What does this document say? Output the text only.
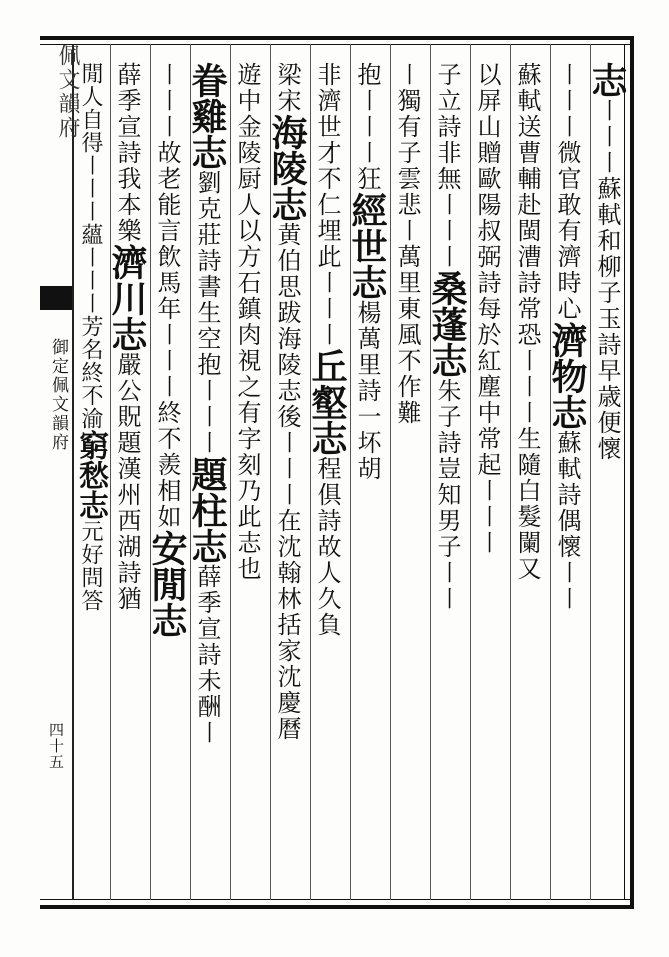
佩文韻府
御定佩文韻府
四十五
志〡〡〡蘇軾和柳子玉詩早歳便懷
〡〡〡微官敢有濟時心濟物志蘇軾詩偶懷〡〡
蘇軾送曹輔赴閩漕詩常恐〡〡〡生隨白髮闌又
以屏山贈歐陽叔弼詩每於紅塵中常起〡〡〡
子立詩非無〡〡〡桑蓬志朱子詩豈知男子〡〡
〡獨有子雲悲〡萬里東風不作難
抱〡〡〡狂經世志楊萬里詩一坏胡
非濟世才不仁埋此〡〡〡丘壑志程俱詩故人久負
梁宋海陵志黄伯思跋海陵志後〡〡〡在沈翰林括家沈慶曆
遊中金陵厨人以方石鎮肉視之有字刻乃此志也
眷雞志劉克莊詩書生空抱〡〡〡題柱志薛季宣詩未酬〡
〡〡〡故老能言飲馬年〡〡〡終不羨相如安閒志
薛季宣詩我本樂濟川志嚴公貺題漢州西湖詩猶
閒人自得〡〡〡蘊〡〡〡芳名終不渝窮愁志元好問答
